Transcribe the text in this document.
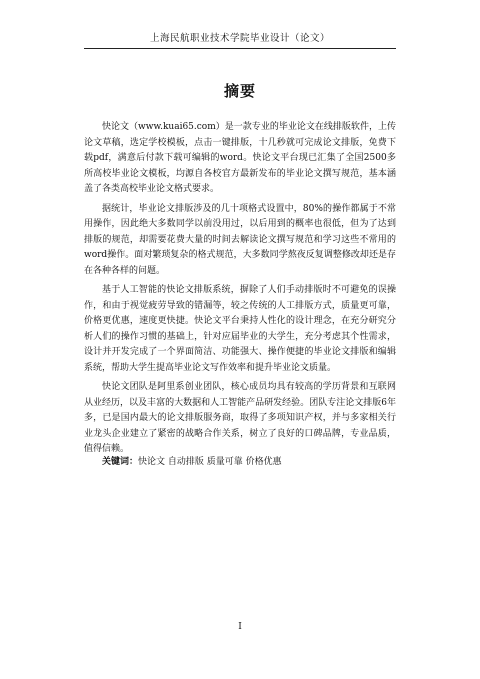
上海民航职业技术学院毕业设计（论文）
摘要

快论文（www.kuai65.com）是一款专业的毕业论文在线排版软件，上传论文草稿，选定学校模板，点击一键排版，十几秒就可完成论文排版，免费下载pdf，满意后付款下载可编辑的word。快论文平台现已汇集了全国2500多所高校毕业论文模板，均源自各校官方最新发布的毕业论文撰写规范，基本涵盖了各类高校毕业论文格式要求。

据统计，毕业论文排版涉及的几十项格式设置中，80%的操作都属于不常用操作，因此绝大多数同学以前没用过，以后用到的概率也很低，但为了达到排版的规范，却需要花费大量的时间去解读论文撰写规范和学习这些不常用的word操作。面对繁琐复杂的格式规范，大多数同学熬夜反复调整修改却还是存在各种各样的问题。

基于人工智能的快论文排版系统，摒除了人们手动排版时不可避免的误操作，和由于视觉疲劳导致的错漏等，较之传统的人工排版方式，质量更可靠，价格更优惠，速度更快捷。快论文平台秉持人性化的设计理念，在充分研究分析人们的操作习惯的基础上，针对应届毕业的大学生，充分考虑其个性需求，设计并开发完成了一个界面简洁、功能强大、操作便捷的毕业论文排版和编辑系统，帮助大学生提高毕业论文写作效率和提升毕业论文质量。

快论文团队是阿里系创业团队，核心成员均具有较高的学历背景和互联网从业经历，以及丰富的大数据和人工智能产品研发经验。团队专注论文排版6年多，已是国内最大的论文排版服务商，取得了多项知识产权，并与多家相关行业龙头企业建立了紧密的战略合作关系，树立了良好的口碑品牌，专业品质，值得信赖。

关键词：快论文 自动排版 质量可靠 价格优惠
I
